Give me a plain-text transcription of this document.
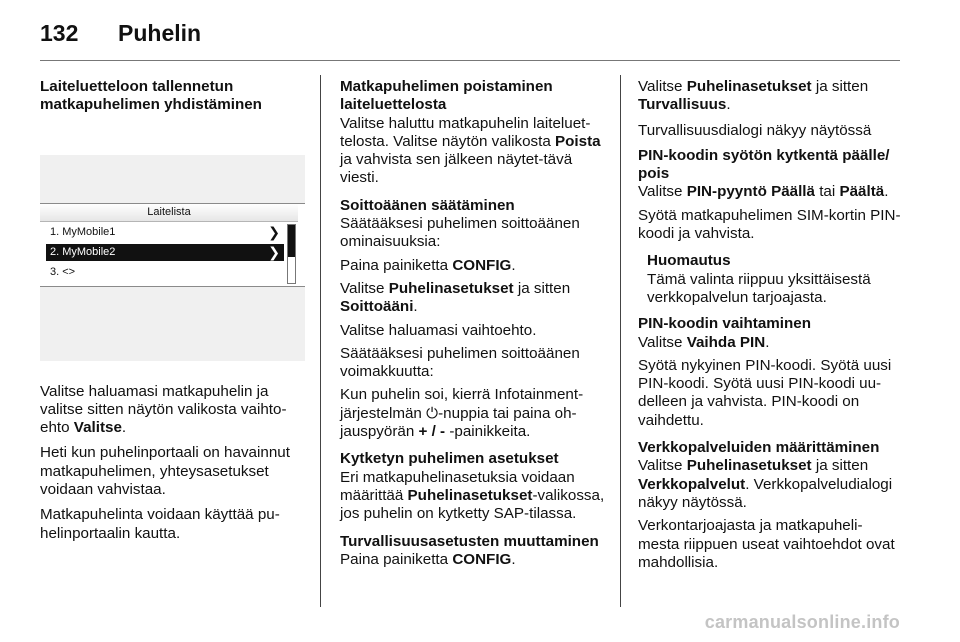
132 Puhelin

Laiteluetteloon tallennetun matkapuhelimen yhdistäminen

Laitelista
1. MyMobile1	❯
2. MyMobile2	❯
3. <>

Valitse haluamasi matkapuhelin ja valitse sitten näytön valikosta vaihto-ehto Valitse.

Heti kun puhelinportaali on havainnut matkapuhelimen, yhteysasetukset voidaan vahvistaa.

Matkapuhelinta voidaan käyttää pu-helinportaalin kautta.

Matkapuhelimen poistaminen laiteluettelosta

Valitse haluttu matkapuhelin laiteluet-telosta. Valitse näytön valikosta Poista ja vahvista sen jälkeen näytet-tävä viesti.

Soittoäänen säätäminen

Säätääksesi puhelimen soittoäänen ominaisuuksia:

Paina painiketta CONFIG.

Valitse Puhelinasetukset ja sitten Soittoääni.

Valitse haluamasi vaihtoehto.

Säätääksesi puhelimen soittoäänen voimakkuutta:

Kun puhelin soi, kierrä Infotainment-järjestelmän ⏻-nuppia tai paina oh-jauspyörän + / - -painikkeita.

Kytketyn puhelimen asetukset

Eri matkapuhelinasetuksia voidaan määrittää Puhelinasetukset-valikossa, jos puhelin on kytketty SAP-tilassa.

Turvallisuusasetusten muuttaminen

Paina painiketta CONFIG.

Valitse Puhelinasetukset ja sitten Turvallisuus.

Turvallisuusdialogi näkyy näytössä

PIN-koodin syötön kytkentä päälle/ pois

Valitse PIN-pyyntö Päällä tai Päältä.

Syötä matkapuhelimen SIM-kortin PIN-koodi ja vahvista.

Huomautus
Tämä valinta riippuu yksittäisestä verkkopalvelun tarjoajasta.

PIN-koodin vaihtaminen

Valitse Vaihda PIN.

Syötä nykyinen PIN-koodi. Syötä uusi PIN-koodi. Syötä uusi PIN-koodi uu-delleen ja vahvista. PIN-koodi on vaihdettu.

Verkkopalveluiden määrittäminen

Valitse Puhelinasetukset ja sitten Verkkopalvelut. Verkkopalveludialogi näkyy näytössä.

Verkontarjoajasta ja matkapuheli-mesta riippuen useat vaihtoehdot ovat mahdollisia.

carmanualsonline.info
